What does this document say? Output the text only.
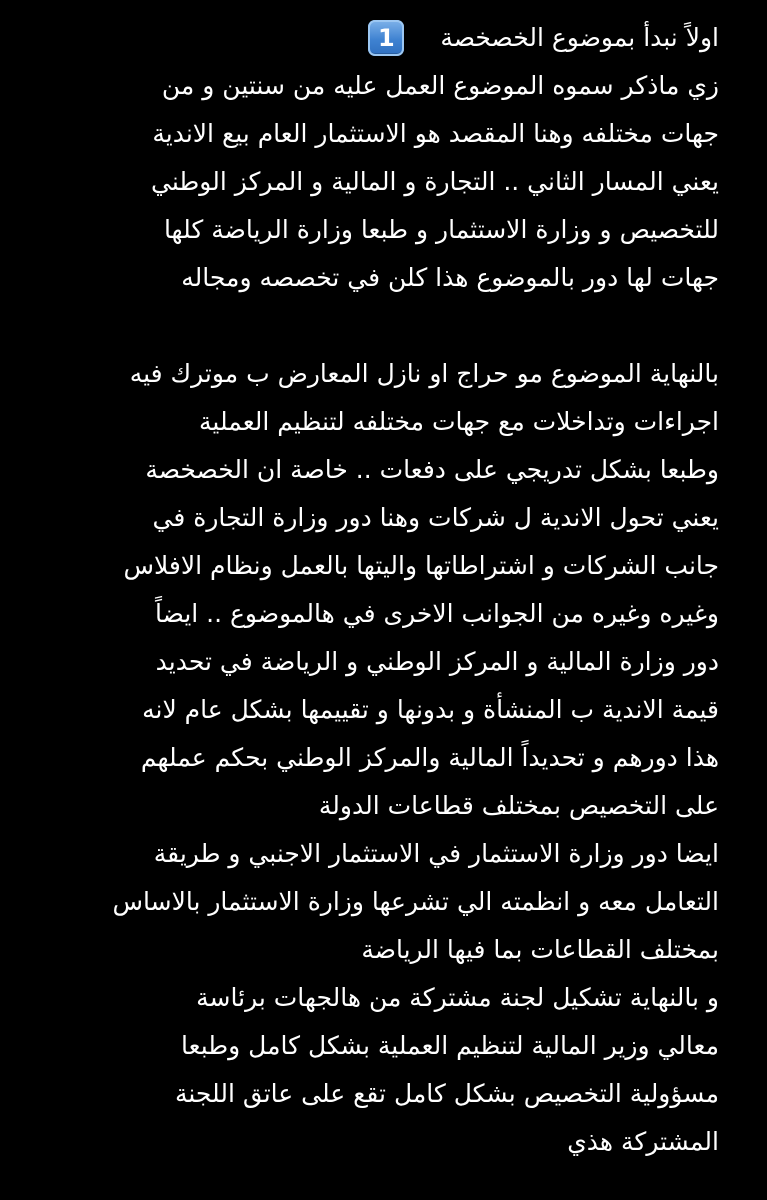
اولاً نبدأ بموضوع الخصخصة
1
زي ماذكر سموه الموضوع العمل عليه من سنتين و من
جهات مختلفه وهنا المقصد هو الاستثمار العام بيع الاندية
يعني المسار الثاني .. التجارة و المالية و المركز الوطني
للتخصيص و وزارة الاستثمار و طبعا وزارة الرياضة كلها
جهات لها دور بالموضوع هذا كلن في تخصصه ومجاله
بالنهاية الموضوع مو حراج او نازل المعارض ب موترك فيه
اجراءات وتداخلات مع جهات مختلفه لتنظيم العملية
وطبعا بشكل تدريجي على دفعات .. خاصة ان الخصخصة
يعني تحول الاندية ل شركات وهنا دور وزارة التجارة في
جانب الشركات و اشتراطاتها واليتها بالعمل ونظام الافلاس
وغيره وغيره من الجوانب الاخرى في هالموضوع .. ايضاً
دور وزارة المالية و المركز الوطني و الرياضة في تحديد
قيمة الاندية ب المنشأة و بدونها و تقييمها بشكل عام لانه
هذا دورهم و تحديداً المالية والمركز الوطني بحكم عملهم
على التخصيص بمختلف قطاعات الدولة
ايضا دور وزارة الاستثمار في الاستثمار الاجنبي و طريقة
التعامل معه و انظمته الي تشرعها وزارة الاستثمار بالاساس
بمختلف القطاعات بما فيها الرياضة
و بالنهاية تشكيل لجنة مشتركة من هالجهات برئاسة
معالي وزير المالية لتنظيم العملية بشكل كامل وطبعا
مسؤولية التخصيص بشكل كامل تقع على عاتق اللجنة
المشتركة هذي
